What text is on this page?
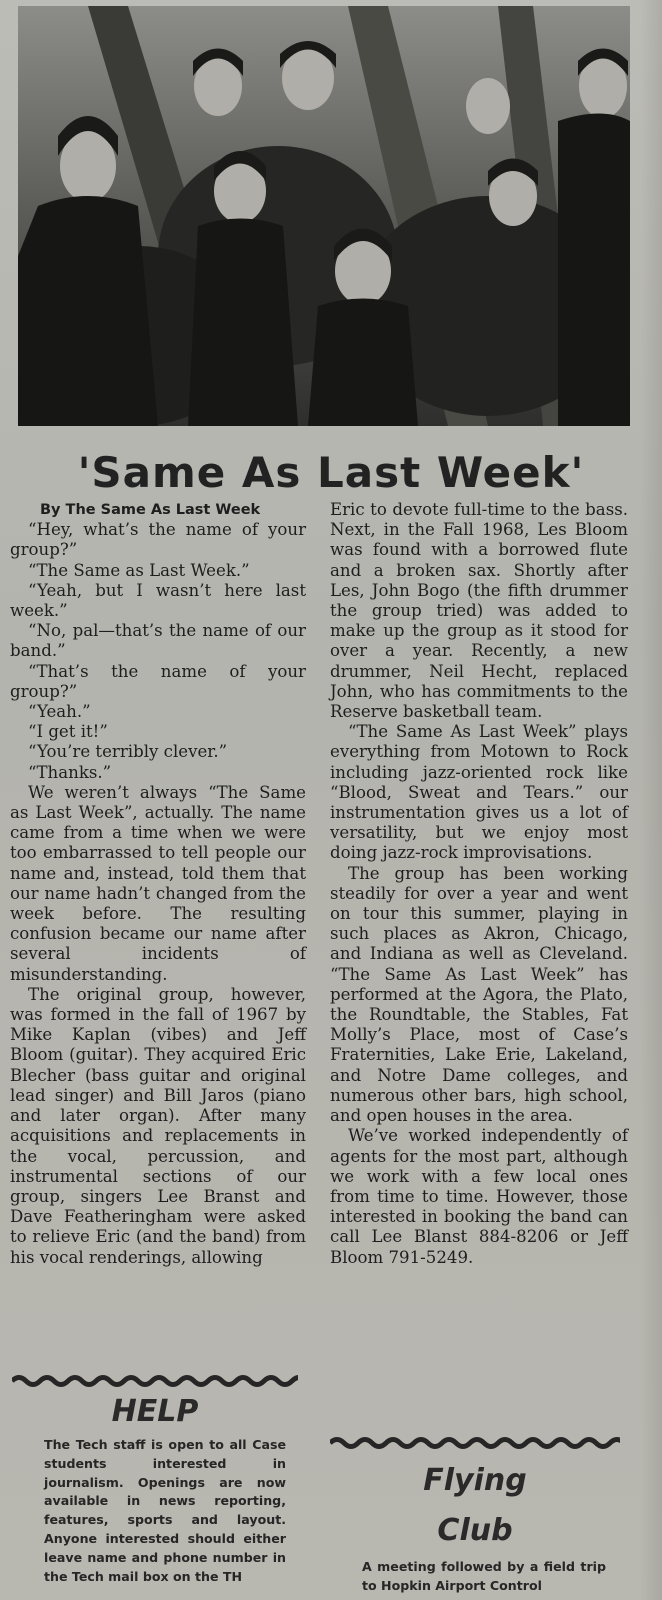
'Same As Last Week'
By The Same As Last Week

“Hey, what’s the name of your group?”

“The Same as Last Week.”

“Yeah, but I wasn’t here last week.”

“No, pal—that’s the name of our band.”

“That’s the name of your group?”

“Yeah.”

“I get it!”

“You’re terribly clever.”

“Thanks.”

We weren’t always “The Same as Last Week”, actually. The name came from a time when we were too embarrassed to tell people our name and, instead, told them that our name hadn’t changed from the week before. The resulting confusion became our name after several incidents of misunderstanding.

The original group, however, was formed in the fall of 1967 by Mike Kaplan (vibes) and Jeff Bloom (guitar). They acquired Eric Blecher (bass guitar and original lead singer) and Bill Jaros (piano and later organ). After many acquisitions and replacements in the vocal, percussion, and instrumental sections of our group, singers Lee Branst and Dave Featheringham were asked to relieve Eric (and the band) from his vocal renderings, allowing

Eric to devote full-time to the bass. Next, in the Fall 1968, Les Bloom was found with a borrowed flute and a broken sax. Shortly after Les, John Bogo (the fifth drummer the group tried) was added to make up the group as it stood for over a year. Recently, a new drummer, Neil Hecht, replaced John, who has commitments to the Reserve basketball team.

“The Same As Last Week” plays everything from Motown to Rock including jazz-oriented rock like “Blood, Sweat and Tears.” our instrumentation gives us a lot of versatility, but we enjoy most doing jazz-rock improvisations.

The group has been working steadily for over a year and went on tour this summer, playing in such places as Akron, Chicago, and Indiana as well as Cleveland. “The Same As Last Week” has performed at the Agora, the Plato, the Roundtable, the Stables, Fat Molly’s Place, most of Case’s Fraternities, Lake Erie, Lakeland, and Notre Dame colleges, and numerous other bars, high school, and open houses in the area.

We’ve worked independently of agents for the most part, although we work with a few local ones from time to time. However, those interested in booking the band can call Lee Blanst 884-8206 or Jeff Bloom 791-5249.

HELP
The Tech staff is open to all Case students interested in journalism. Openings are now available in news reporting, features, sports and layout. Anyone interested should either leave name and phone number in the Tech mail box on the TH
Flying
Club
A meeting followed by a field trip to Hopkin Airport Control
